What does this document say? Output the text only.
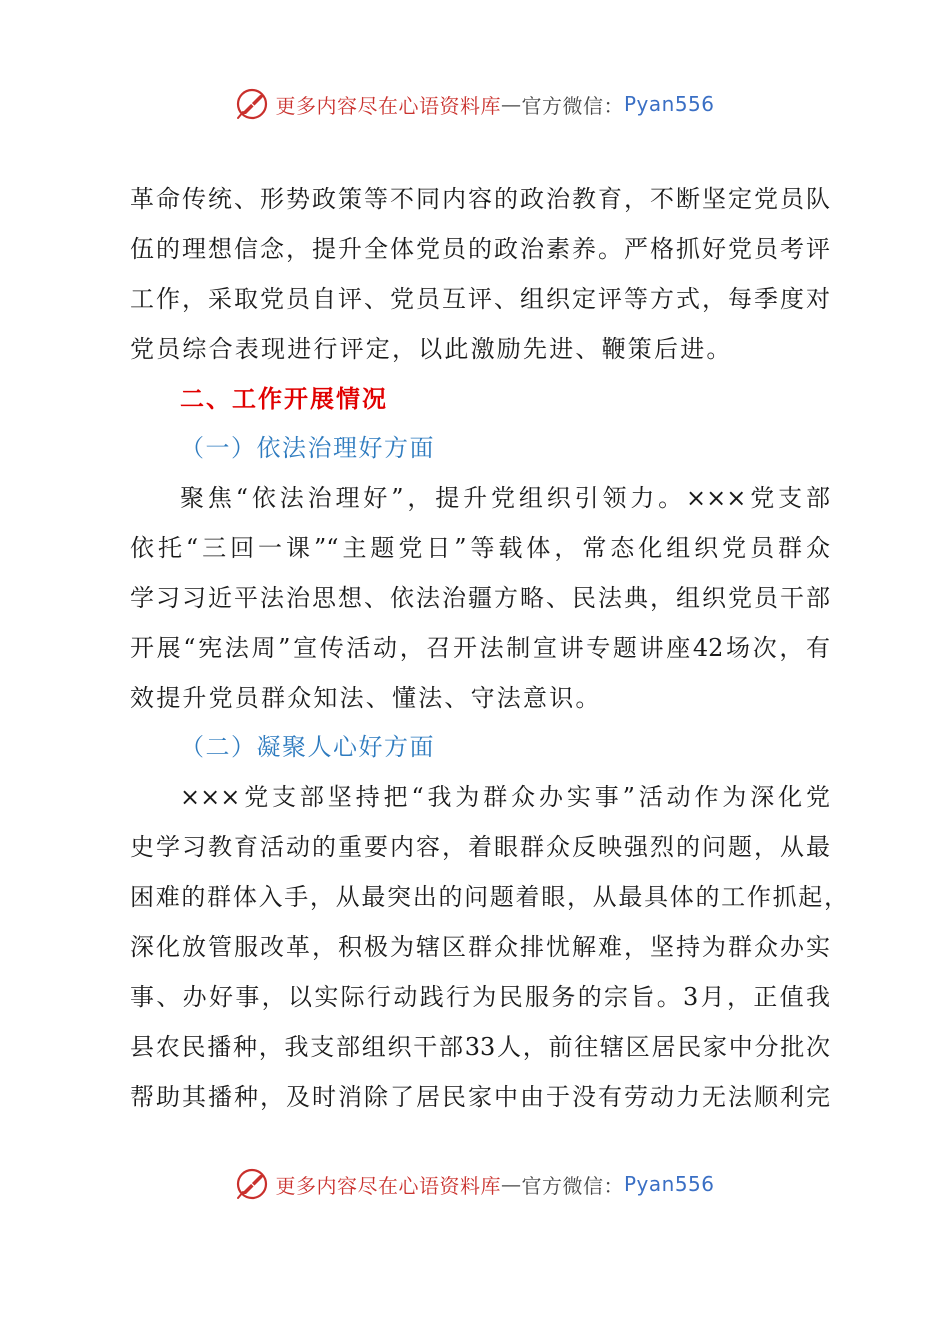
更多内容尽在心语资料库 — 官方微信： Pyan556
革命传统、形势政策等不同内容的政治教育，不断坚定党员队
伍的理想信念，提升全体党员的政治素养。严格抓好党员考评
工作，采取党员自评、党员互评、组织定评等方式，每季度对
党员综合表现进行评定，以此激励先进、鞭策后进。
二、工作开展情况
（一）依法治理好方面
聚焦“依法治理好”，提升党组织引领力。×××党支部
依托“三回一课”“主题党日”等载体，常态化组织党员群众
学习习近平法治思想、依法治疆方略、民法典，组织党员干部
开展“宪法周”宣传活动，召开法制宣讲专题讲座42场次，有
效提升党员群众知法、懂法、守法意识。
（二）凝聚人心好方面
×××党支部坚持把“我为群众办实事”活动作为深化党
史学习教育活动的重要内容，着眼群众反映强烈的问题，从最
困难的群体入手，从最突出的问题着眼，从最具体的工作抓起，
深化放管服改革，积极为辖区群众排忧解难，坚持为群众办实
事、办好事，以实际行动践行为民服务的宗旨。3月，正值我
县农民播种，我支部组织干部33人，前往辖区居民家中分批次
帮助其播种，及时消除了居民家中由于没有劳动力无法顺利完
更多内容尽在心语资料库 — 官方微信： Pyan556
